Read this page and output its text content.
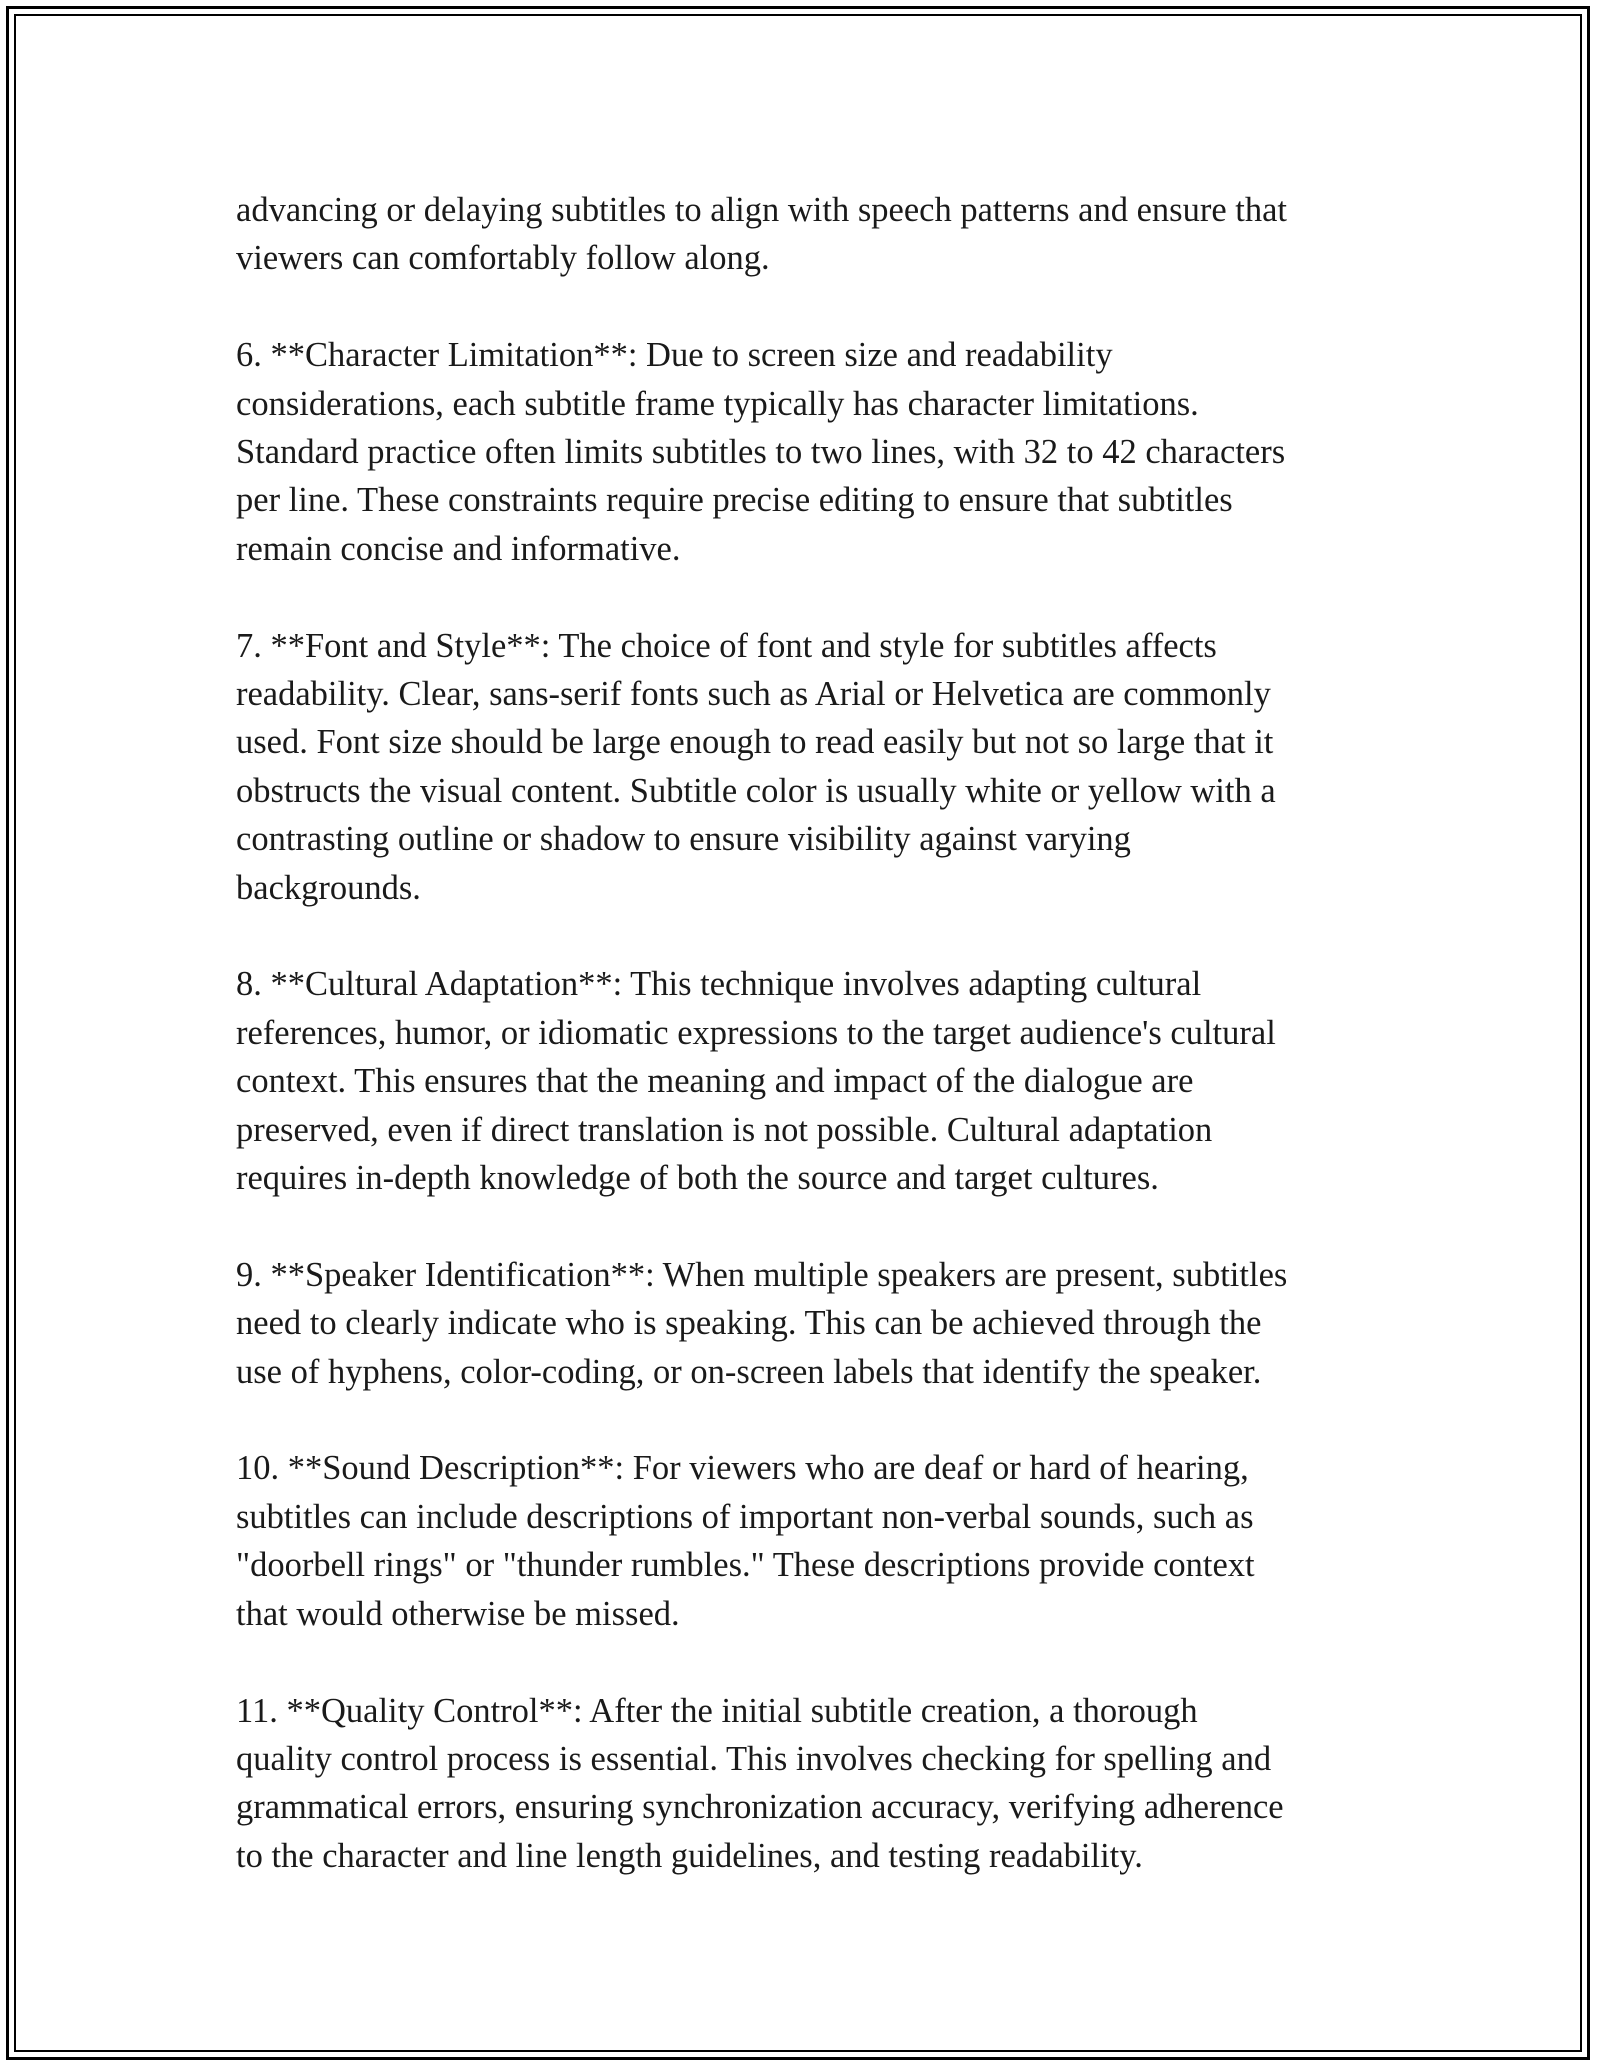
advancing or delaying subtitles to align with speech patterns and ensure that
viewers can comfortably follow along.

6. **Character Limitation**: Due to screen size and readability
considerations, each subtitle frame typically has character limitations.
Standard practice often limits subtitles to two lines, with 32 to 42 characters
per line. These constraints require precise editing to ensure that subtitles
remain concise and informative.

7. **Font and Style**: The choice of font and style for subtitles affects
readability. Clear, sans-serif fonts such as Arial or Helvetica are commonly
used. Font size should be large enough to read easily but not so large that it
obstructs the visual content. Subtitle color is usually white or yellow with a
contrasting outline or shadow to ensure visibility against varying
backgrounds.

8. **Cultural Adaptation**: This technique involves adapting cultural
references, humor, or idiomatic expressions to the target audience's cultural
context. This ensures that the meaning and impact of the dialogue are
preserved, even if direct translation is not possible. Cultural adaptation
requires in-depth knowledge of both the source and target cultures.

9. **Speaker Identification**: When multiple speakers are present, subtitles
need to clearly indicate who is speaking. This can be achieved through the
use of hyphens, color-coding, or on-screen labels that identify the speaker.

10. **Sound Description**: For viewers who are deaf or hard of hearing,
subtitles can include descriptions of important non-verbal sounds, such as
"doorbell rings" or "thunder rumbles." These descriptions provide context
that would otherwise be missed.

11. **Quality Control**: After the initial subtitle creation, a thorough
quality control process is essential. This involves checking for spelling and
grammatical errors, ensuring synchronization accuracy, verifying adherence
to the character and line length guidelines, and testing readability.
